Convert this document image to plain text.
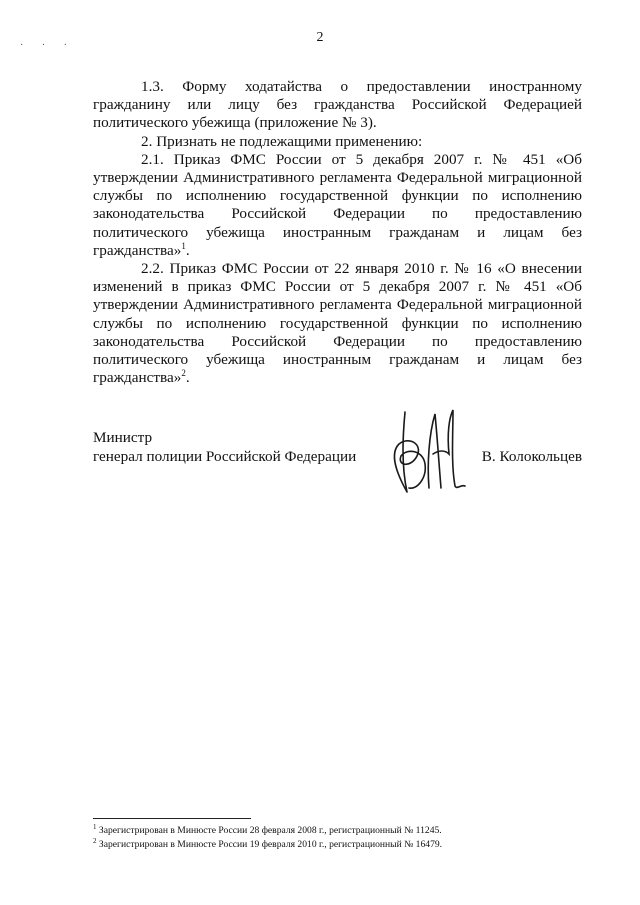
· · ·
2

1.3. Форму ходатайства о предоставлении иностранному гражданину или лицу без гражданства Российской Федерацией политического убежища (приложение № 3).

2. Признать не подлежащими применению:

2.1. Приказ ФМС России от 5 декабря 2007 г. № 451 «Об утверждении Административного регламента Федеральной миграционной службы по исполнению государственной функции по исполнению законодательства Российской Федерации по предоставлению политического убежища иностранным гражданам и лицам без гражданства»$^1$.

2.2. Приказ ФМС России от 22 января 2010 г. № 16 «О внесении изменений в приказ ФМС России от 5 декабря 2007 г. № 451 «Об утверждении Административного регламента Федеральной миграционной службы по исполнению государственной функции по исполнению законодательства Российской Федерации по предоставлению политического убежища иностранным гражданам и лицам без гражданства»$^2$.

Министр
генерал полиции Российской Федерации	В. Колокольцев

$^1$ Зарегистрирован в Минюсте России 28 февраля 2008 г., регистрационный № 11245.

$^2$ Зарегистрирован в Минюсте России 19 февраля 2010 г., регистрационный № 16479.
